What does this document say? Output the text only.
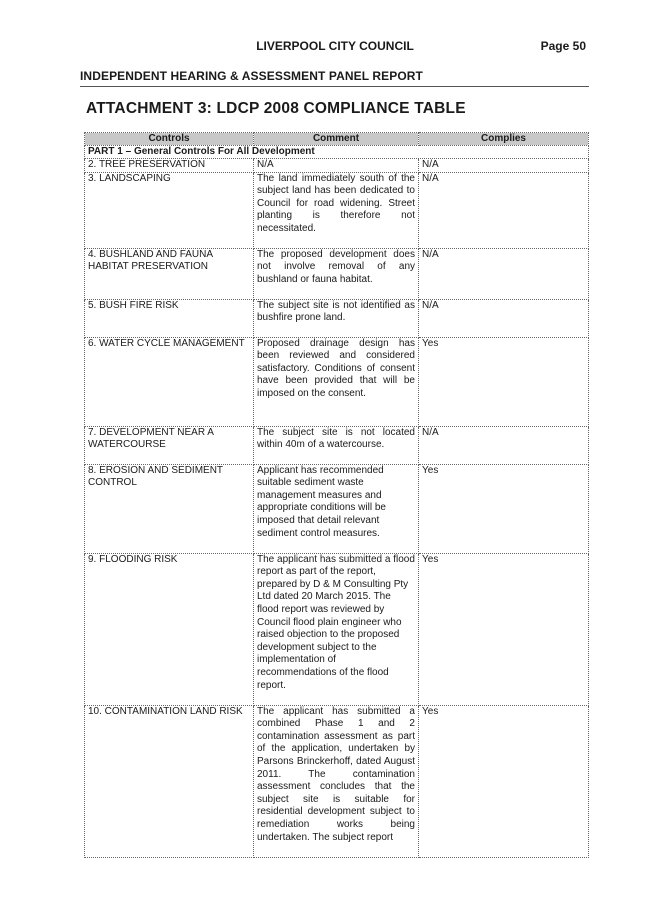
LIVERPOOL CITY COUNCIL	Page 50
INDEPENDENT HEARING & ASSESSMENT PANEL REPORT
ATTACHMENT 3: LDCP 2008 COMPLIANCE TABLE
Controls	Comment	Complies
PART 1 – General Controls For All Development		
2. TREE PRESERVATION	N/A	N/A
3. LANDSCAPING	The land immediately south of the subject land has been dedicated to Council for road widening. Street planting is therefore not necessitated.	N/A
4. BUSHLAND AND FAUNA HABITAT PRESERVATION	The proposed development does not involve removal of any bushland or fauna habitat.	N/A
5. BUSH FIRE RISK	The subject site is not identified as bushfire prone land.	N/A
6. WATER CYCLE MANAGEMENT	Proposed drainage design has been reviewed and considered satisfactory. Conditions of consent have been provided that will be imposed on the consent.	Yes
7. DEVELOPMENT NEAR A WATERCOURSE	The subject site is not located within 40m of a watercourse.	N/A
8. EROSION AND SEDIMENT CONTROL	Applicant has recommended suitable sediment waste management measures and appropriate conditions will be imposed that detail relevant sediment control measures.	Yes
9. FLOODING RISK	The applicant has submitted a flood report as part of the report, prepared by D & M Consulting Pty Ltd dated 20 March 2015. The flood report was reviewed by Council flood plain engineer who raised objection to the proposed development subject to the implementation of recommendations of the flood report.	Yes
10. CONTAMINATION LAND RISK	The applicant has submitted a combined Phase 1 and 2 contamination assessment as part of the application, undertaken by Parsons Brinckerhoff, dated August 2011. The contamination assessment concludes that the subject site is suitable for residential development subject to remediation works being undertaken. The subject report	Yes
